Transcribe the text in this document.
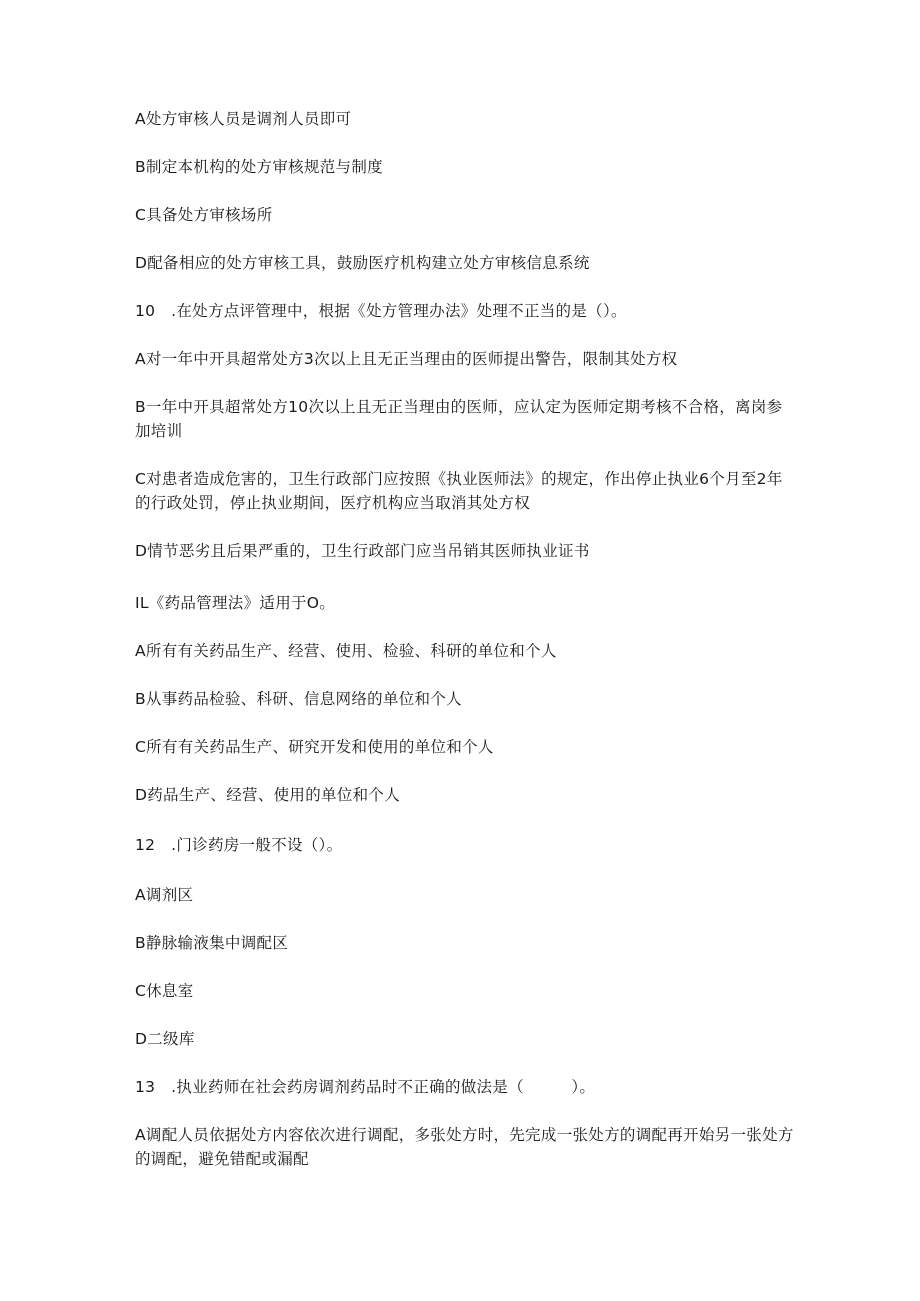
A处方审核人员是调剂人员即可
B制定本机构的处方审核规范与制度
C具备处方审核场所
D配备相应的处方审核工具，鼓励医疗机构建立处方审核信息系统
10　.在处方点评管理中，根据《处方管理办法》处理不正当的是（）。
A对一年中开具超常处方3次以上且无正当理由的医师提出警告，限制其处方权
B一年中开具超常处方10次以上且无正当理由的医师，应认定为医师定期考核不合格，离岗参
加培训
C对患者造成危害的，卫生行政部门应按照《执业医师法》的规定，作出停止执业6个月至2年
的行政处罚，停止执业期间，医疗机构应当取消其处方权
D情节恶劣且后果严重的，卫生行政部门应当吊销其医师执业证书
IL《药品管理法》适用于O。
A所有有关药品生产、经营、使用、检验、科研的单位和个人
B从事药品检验、科研、信息网络的单位和个人
C所有有关药品生产、研究开发和使用的单位和个人
D药品生产、经营、使用的单位和个人
12　.门诊药房一般不设（）。
A调剂区
B静脉输液集中调配区
C休息室
D二级库
13　.执业药师在社会药房调剂药品时不正确的做法是（　　　）。
A调配人员依据处方内容依次进行调配，多张处方时，先完成一张处方的调配再开始另一张处方
的调配，避免错配或漏配
